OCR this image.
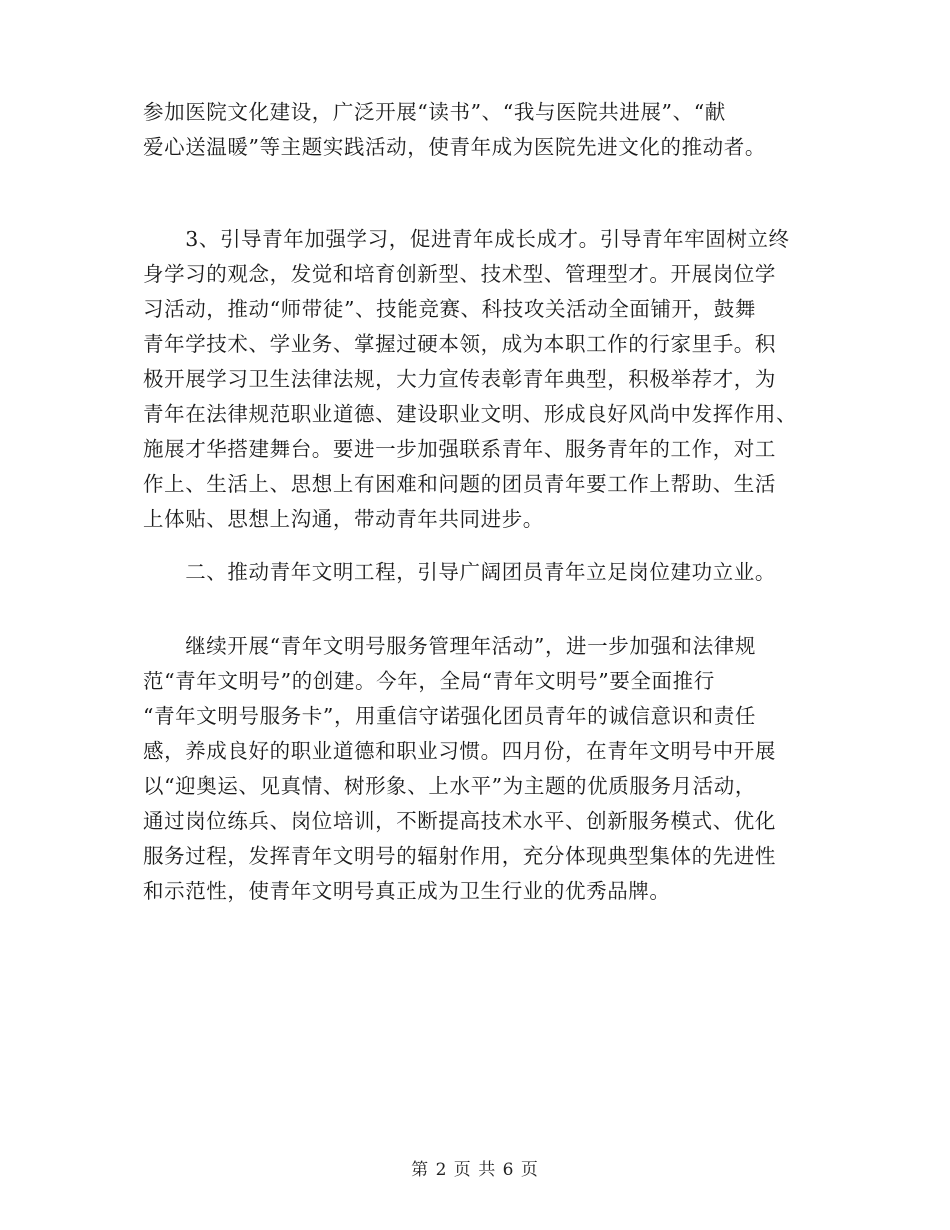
参加医院文化建设，广泛开展“读书”、“我与医院共进展”、“献
爱心送温暖”等主题实践活动，使青年成为医院先进文化的推动者。
　　3、引导青年加强学习，促进青年成长成才。引导青年牢固树立终
身学习的观念，发觉和培育创新型、技术型、管理型才。开展岗位学
习活动，推动“师带徒”、技能竞赛、科技攻关活动全面铺开，鼓舞
青年学技术、学业务、掌握过硬本领，成为本职工作的行家里手。积
极开展学习卫生法律法规，大力宣传表彰青年典型，积极举荐才，为
青年在法律规范职业道德、建设职业文明、形成良好风尚中发挥作用、
施展才华搭建舞台。要进一步加强联系青年、服务青年的工作，对工
作上、生活上、思想上有困难和问题的团员青年要工作上帮助、生活
上体贴、思想上沟通，带动青年共同进步。
　　二、推动青年文明工程，引导广阔团员青年立足岗位建功立业。
　　继续开展“青年文明号服务管理年活动”，进一步加强和法律规
范“青年文明号”的创建。今年，全局“青年文明号”要全面推行
“青年文明号服务卡”，用重信守诺强化团员青年的诚信意识和责任
感，养成良好的职业道德和职业习惯。四月份，在青年文明号中开展
以“迎奥运、见真情、树形象、上水平”为主题的优质服务月活动，
通过岗位练兵、岗位培训，不断提高技术水平、创新服务模式、优化
服务过程，发挥青年文明号的辐射作用，充分体现典型集体的先进性
和示范性，使青年文明号真正成为卫生行业的优秀品牌。
第 2 页 共 6 页
